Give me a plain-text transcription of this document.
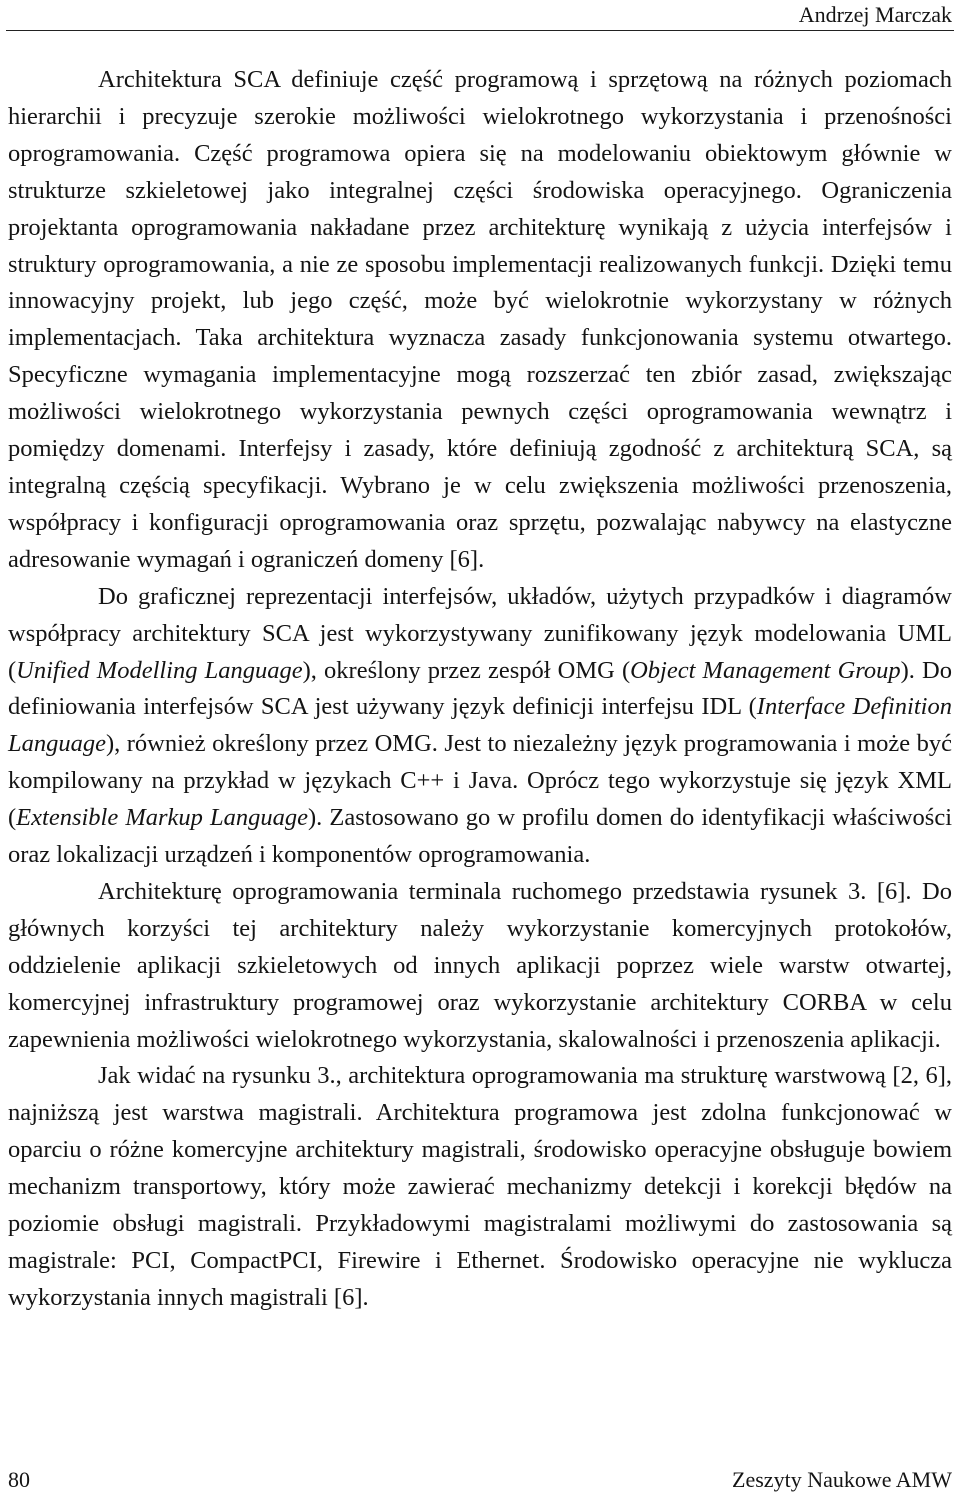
Andrzej Marczak

Architektura SCA definiuje część programową i sprzętową na różnych poziomach hierarchii i precyzuje szerokie możliwości wielokrotnego wykorzystania i przenośności oprogramowania. Część programowa opiera się na modelowaniu obiektowym głównie w strukturze szkieletowej jako integralnej części środowiska operacyjnego. Ograniczenia projektanta oprogramowania nakładane przez architekturę wynikają z użycia interfejsów i struktury oprogramowania, a nie ze sposobu implementacji realizowanych funkcji. Dzięki temu innowacyjny projekt, lub jego część, może być wielokrotnie wykorzystany w różnych implementacjach. Taka architektura wyznacza zasady funkcjonowania systemu otwartego. Specyficzne wymagania implementacyjne mogą rozszerzać ten zbiór zasad, zwiększając możliwości wielokrotnego wykorzystania pewnych części oprogramowania wewnątrz i pomiędzy domenami. Interfejsy i zasady, które definiują zgodność z architekturą SCA, są integralną częścią specyfikacji. Wybrano je w celu zwiększenia możliwości przenoszenia, współpracy i konfiguracji oprogramowania oraz sprzętu, pozwalając nabywcy na elastyczne adresowanie wymagań i ograniczeń domeny [6].

Do graficznej reprezentacji interfejsów, układów, użytych przypadków i diagramów współpracy architektury SCA jest wykorzystywany zunifikowany język modelowania UML (Unified Modelling Language), określony przez zespół OMG (Object Management Group). Do definiowania interfejsów SCA jest używany język definicji interfejsu IDL (Interface Definition Language), również określony przez OMG. Jest to niezależny język programowania i może być kompilowany na przykład w językach C++ i Java. Oprócz tego wykorzystuje się język XML (Extensible Markup Language). Zastosowano go w profilu domen do identyfikacji właściwości oraz lokalizacji urządzeń i komponentów oprogramowania.

Architekturę oprogramowania terminala ruchomego przedstawia rysunek 3. [6]. Do głównych korzyści tej architektury należy wykorzystanie komercyjnych protokołów, oddzielenie aplikacji szkieletowych od innych aplikacji poprzez wiele warstw otwartej, komercyjnej infrastruktury programowej oraz wykorzystanie architektury CORBA w celu zapewnienia możliwości wielokrotnego wykorzystania, skalowalności i przenoszenia aplikacji.

Jak widać na rysunku 3., architektura oprogramowania ma strukturę warstwową [2, 6], najniższą jest warstwa magistrali. Architektura programowa jest zdolna funkcjonować w oparciu o różne komercyjne architektury magistrali, środowisko operacyjne obsługuje bowiem mechanizm transportowy, który może zawierać mechanizmy detekcji i korekcji błędów na poziomie obsługi magistrali. Przykładowymi magistralami możliwymi do zastosowania są magistrale: PCI, CompactPCI, Firewire i Ethernet. Środowisko operacyjne nie wyklucza wykorzystania innych magistrali [6].

80	Zeszyty Naukowe AMW
